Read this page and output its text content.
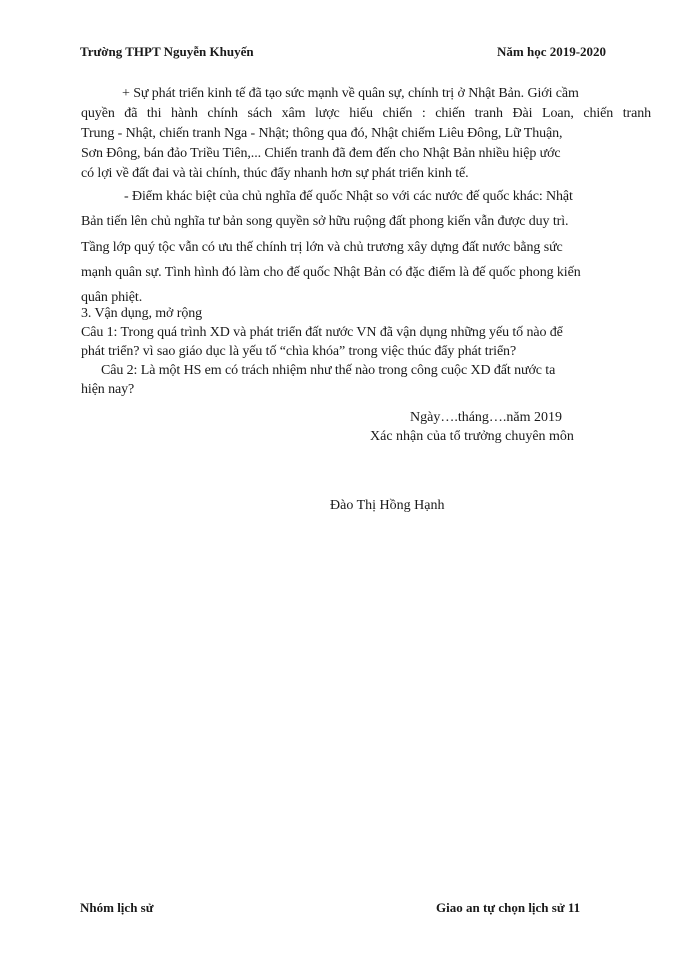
Trường THPT Nguyễn Khuyến	Năm học 2019-2020
+ Sự phát triển kinh tế đã tạo sức mạnh về quân sự, chính trị ở Nhật Bản. Giới cầm
quyền đã thi hành chính sách xâm lược hiếu chiến : chiến tranh Đài Loan, chiến tranh
Trung - Nhật, chiến tranh Nga - Nhật; thông qua đó, Nhật chiếm Liêu Đông, Lữ Thuận,
Sơn Đông, bán đảo Triều Tiên,... Chiến tranh đã đem đến cho Nhật Bản nhiều hiệp ước
có lợi về đất đai và tài chính, thúc đẩy nhanh hơn sự phát triển kinh tế.
- Điểm khác biệt của chủ nghĩa đế quốc Nhật so với các nước đế quốc khác: Nhật
Bản tiến lên chủ nghĩa tư bản song quyền sở hữu ruộng đất phong kiến vẫn được duy trì.
Tầng lớp quý tộc vẫn có ưu thế chính trị lớn và chủ trương xây dựng đất nước bằng sức
mạnh quân sự. Tình hình đó làm cho đế quốc Nhật Bản có đặc điểm là đế quốc phong kiến
quân phiệt.
3. Vận dụng, mở rộng
Câu 1: Trong quá trình XD và phát triển đất nước VN đã vận dụng những yếu tố nào để
phát triển? vì sao giáo dục là yếu tố “chìa khóa” trong việc thúc đẩy phát triển?
Câu 2: Là một HS em có trách nhiệm như thế nào trong công cuộc XD đất nước ta
hiện nay?
Ngày….tháng….năm 2019
Xác nhận của tổ trưởng chuyên môn
Đào Thị Hồng Hạnh
Nhóm lịch sử	Giao an tự chọn lịch sử 11
